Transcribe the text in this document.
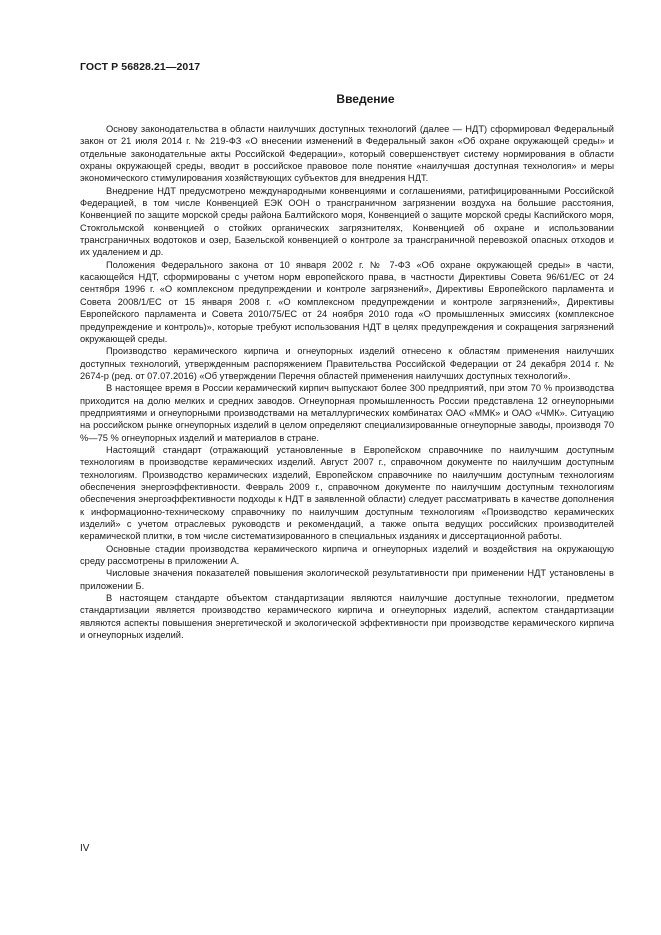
ГОСТ Р 56828.21—2017
Введение

Основу законодательства в области наилучших доступных технологий (далее — НДТ) сформировал Федеральный закон от 21 июля 2014 г. № 219-ФЗ «О внесении изменений в Федеральный закон «Об охране окружающей среды» и отдельные законодательные акты Российской Федерации», который совершенствует систему нормирования в области охраны окружающей среды, вводит в российское правовое поле понятие «наилучшая доступная технология» и меры экономического стимулирования хозяйствующих субъектов для внедрения НДТ.

Внедрение НДТ предусмотрено международными конвенциями и соглашениями, ратифицированными Российской Федерацией, в том числе Конвенцией ЕЭК ООН о трансграничном загрязнении воздуха на большие расстояния, Конвенцией по защите морской среды района Балтийского моря, Конвенцией о защите морской среды Каспийского моря, Стокгольмской конвенцией о стойких органических загрязнителях, Конвенцией об охране и использовании трансграничных водотоков и озер, Базельской конвенцией о контроле за трансграничной перевозкой опасных отходов и их удалением и др.

Положения Федерального закона от 10 января 2002 г. № 7-ФЗ «Об охране окружающей среды» в части, касающейся НДТ, сформированы с учетом норм европейского права, в частности Директивы Совета 96/61/ЕС от 24 сентября 1996 г. «О комплексном предупреждении и контроле загрязнений», Директивы Европейского парламента и Совета 2008/1/ЕС от 15 января 2008 г. «О комплексном предупреждении и контроле загрязнений», Директивы Европейского парламента и Совета 2010/75/ЕС от 24 ноября 2010 года «О промышленных эмиссиях (комплексное предупреждение и контроль)», которые требуют использования НДТ в целях предупреждения и сокращения загрязнений окружающей среды.

Производство керамического кирпича и огнеупорных изделий отнесено к областям применения наилучших доступных технологий, утвержденным распоряжением Правительства Российской Федерации от 24 декабря 2014 г. № 2674-р (ред. от 07.07.2016) «Об утверждении Перечня областей применения наилучших доступных технологий».

В настоящее время в России керамический кирпич выпускают более 300 предприятий, при этом 70 % производства приходится на долю мелких и средних заводов. Огнеупорная промышленность России представлена 12 огнеупорными предприятиями и огнеупорными производствами на металлургических комбинатах ОАО «ММК» и ОАО «ЧМК». Ситуацию на российском рынке огнеупорных изделий в целом определяют специализированные огнеупорные заводы, производя 70 %—75 % огнеупорных изделий и материалов в стране.

Настоящий стандарт (отражающий установленные в Европейском справочнике по наилучшим доступным технологиям в производстве керамических изделий. Август 2007 г., справочном документе по наилучшим доступным технологиям. Производство керамических изделий, Европейском справочнике по наилучшим доступным технологиям обеспечения энергоэффективности. Февраль 2009 г., справочном документе по наилучшим доступным технологиям обеспечения энергоэффективности подходы к НДТ в заявленной области) следует рассматривать в качестве дополнения к информационно-техническому справочнику по наилучшим доступным технологиям «Производство керамических изделий» с учетом отраслевых руководств и рекомендаций, а также опыта ведущих российских производителей керамической плитки, в том числе систематизированного в специальных изданиях и диссертационной работы.

Основные стадии производства керамического кирпича и огнеупорных изделий и воздействия на окружающую среду рассмотрены в приложении А.

Числовые значения показателей повышения экологической результативности при применении НДТ установлены в приложении Б.

В настоящем стандарте объектом стандартизации являются наилучшие доступные технологии, предметом стандартизации является производство керамического кирпича и огнеупорных изделий, аспектом стандартизации являются аспекты повышения энергетической и экологической эффективности при производстве керамического кирпича и огнеупорных изделий.

IV
